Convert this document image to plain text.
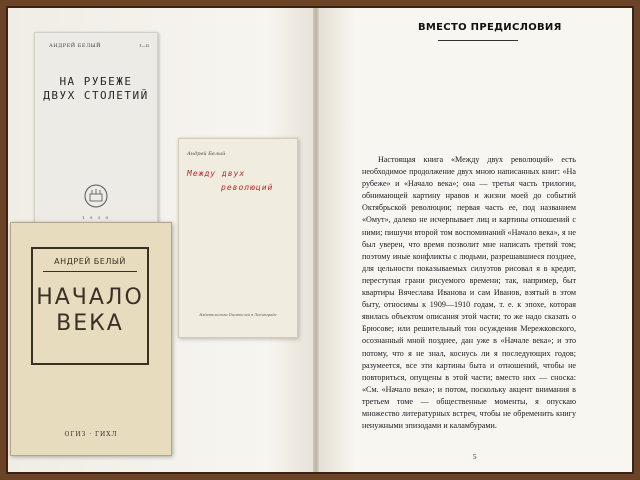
АНДРЕЙ БЕЛЫЙ	1—II
НА РУБЕЖЕ
ДВУХ СТОЛЕТИЙ
1 9 3 0
Андрей Белый
Между двух
революций
Издательство Писателей в Ленинграде
АНДРЕЙ БЕЛЫЙ
НАЧАЛО
ВЕКА
ОГИЗ · ГИХЛ
ВМЕСТО ПРЕДИСЛОВИЯ

Настоящая книга «Между двух революций» есть необходимое продолжение двух мною написанных книг: «На рубеже» и «Начало века»; она — третья часть трилогии, обнимающей картину нравов и жизни моей до событий Октябрьской революции; первая часть ее, под названием «Омут», далеко не исчерпывает лиц и картины отношений с ними; пишучи второй том воспоминаний «Начало века», я не был уверен, что время позволит мне написать третий том; поэтому иные конфликты с людьми, разрешавшиеся позднее, для цельности показываемых силуэтов рисовал я в кредит, переступая грани рисуемого времени; так, например, быт квартиры Вячеслава Иванова и сам Иванов, взятый в этом быту, относимы к 1909—1910 годам, т. е. к эпохе, которая явилась объектом описания этой части; то же надо сказать о Брюсове; или решительный тон осуждения Мережковского, осознанный мной позднее, дан уже в «Начале века»; и это потому, что я не знал, коснусь ли я последующих годов; разумеется, все эти картины быта и отношений, чтобы не повториться, опущены в этой части; вместо них — сноска: «См. «Начало века»; и потом, поскольку акцент внимания в третьем томе — общественные моменты, я опускаю множество литературных встреч, чтобы не обременить книгу ненужными эпизодами и каламбурами.

5
